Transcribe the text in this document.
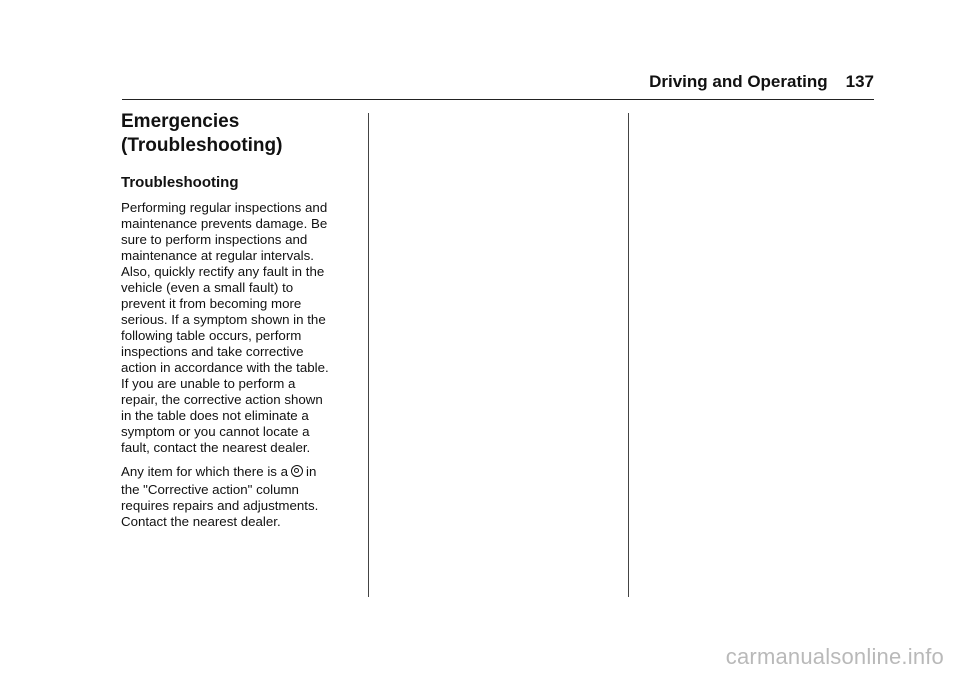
Driving and Operating 137
Emergencies
(Troubleshooting)
Troubleshooting

Performing regular inspections and
maintenance prevents damage. Be
sure to perform inspections and
maintenance at regular intervals.
Also, quickly rectify any fault in the
vehicle (even a small fault) to
prevent it from becoming more
serious. If a symptom shown in the
following table occurs, perform
inspections and take corrective
action in accordance with the table.
If you are unable to perform a
repair, the corrective action shown
in the table does not eliminate a
symptom or you cannot locate a
fault, contact the nearest dealer.

Any item for which there is a in
the "Corrective action" column
requires repairs and adjustments.
Contact the nearest dealer.

carmanualsonline.info
